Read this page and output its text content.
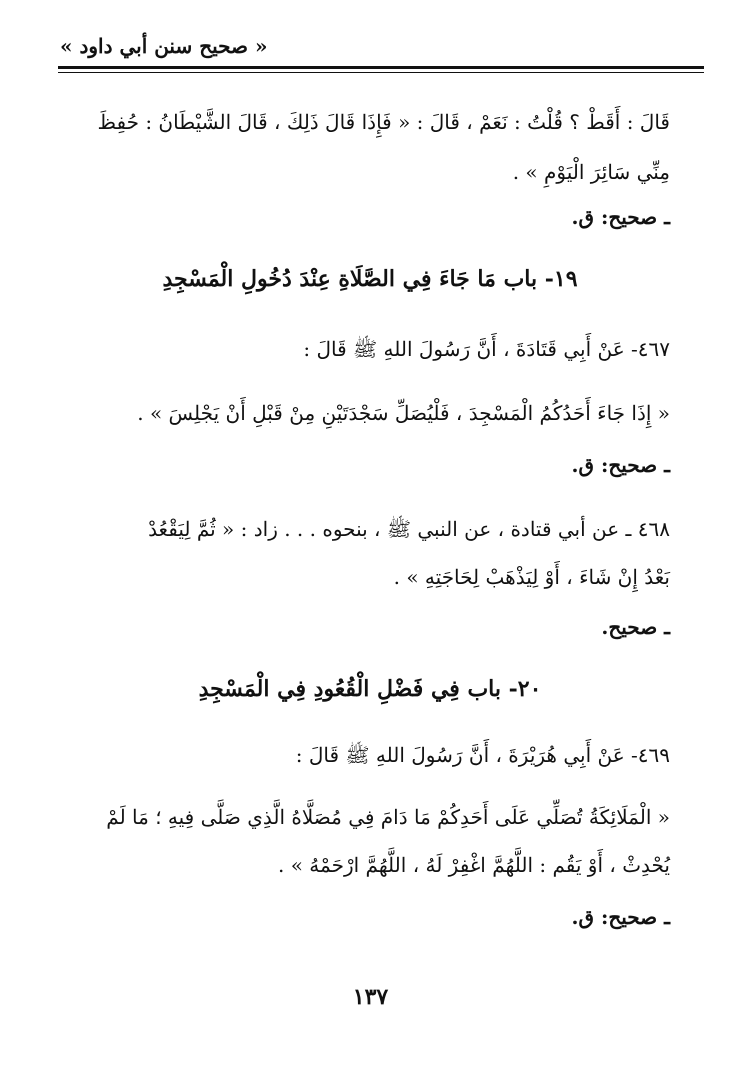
« صحيح سنن أبي داود »
قَالَ : أَقَطْ ؟ قُلْتُ : نَعَمْ ، قَالَ : « فَإِذَا قَالَ ذَلِكَ ، قَالَ الشَّيْطَانُ : حُفِظَ
مِنِّي سَائِرَ الْيَوْمِ » .
ـ صحيح: ق.
١٩- باب مَا جَاءَ فِي الصَّلَاةِ عِنْدَ دُخُولِ الْمَسْجِدِ
٤٦٧- عَنْ أَبِي قَتَادَةَ ، أَنَّ رَسُولَ اللهِ ﷺ قَالَ :
« إِذَا جَاءَ أَحَدُكُمُ الْمَسْجِدَ ، فَلْيُصَلِّ سَجْدَتَيْنِ مِنْ قَبْلِ أَنْ يَجْلِسَ » .
ـ صحيح: ق.
٤٦٨ ـ عن أبي قتادة ، عن النبي ﷺ ، بنحوه . . . زاد : « ثُمَّ لِيَقْعُدْ
بَعْدُ إِنْ شَاءَ ، أَوْ لِيَذْهَبْ لِحَاجَتِهِ » .
ـ صحيح.
٢٠- باب فِي فَضْلِ الْقُعُودِ فِي الْمَسْجِدِ
٤٦٩- عَنْ أَبِي هُرَيْرَةَ ، أَنَّ رَسُولَ اللهِ ﷺ قَالَ :
« الْمَلَائِكَةُ تُصَلِّي عَلَى أَحَدِكُمْ مَا دَامَ فِي مُصَلَّاهُ الَّذِي صَلَّى فِيهِ ؛ مَا لَمْ
يُحْدِثْ ، أَوْ يَقُم : اللَّهُمَّ اغْفِرْ لَهُ ، اللَّهُمَّ ارْحَمْهُ » .
ـ صحيح: ق.
١٣٧
